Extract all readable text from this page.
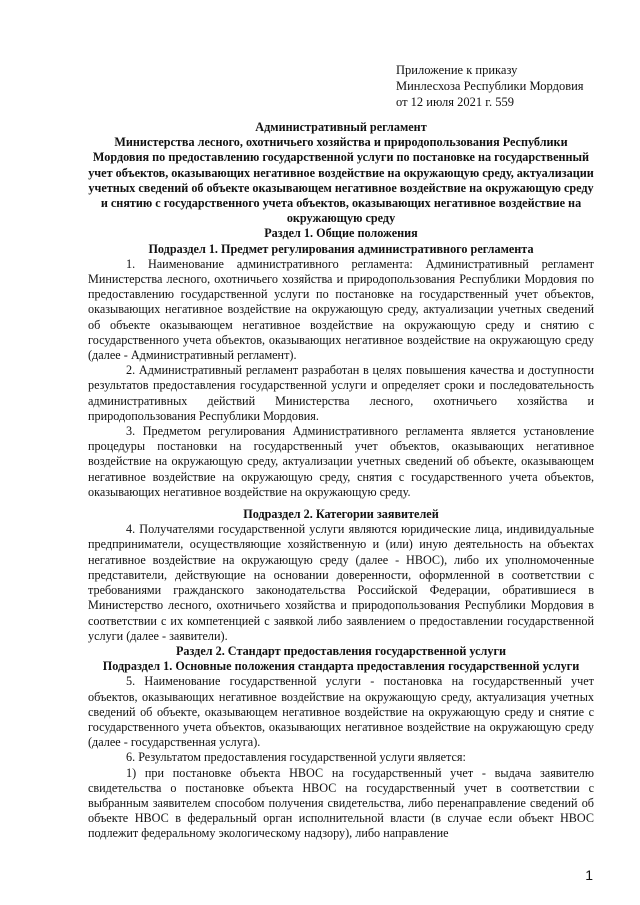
Приложение к приказу
Минлесхоза Республики Мордовия
от 12 июля 2021 г. 559

Административный регламент

Министерства лесного, охотничьего хозяйства и природопользования Республики Мордовия по предоставлению государственной услуги по постановке на государственный учет объектов, оказывающих негативное воздействие на окружающую среду, актуализации учетных сведений об объекте оказывающем негативное воздействие на окружающую среду и снятию с государственного учета объектов, оказывающих негативное воздействие на окружающую среду

Раздел 1. Общие положения

Подраздел 1. Предмет регулирования административного регламента

1. Наименование административного регламента: Административный регламент Министерства лесного, охотничьего хозяйства и природопользования Республики Мордовия по предоставлению государственной услуги по постановке на государственный учет объектов, оказывающих негативное воздействие на окружающую среду, актуализации учетных сведений об объекте оказывающем негативное воздействие на окружающую среду и снятию с государственного учета объектов, оказывающих негативное воздействие на окружающую среду (далее - Административный регламент).

2. Административный регламент разработан в целях повышения качества и доступности результатов предоставления государственной услуги и определяет сроки и последовательность административных действий Министерства лесного, охотничьего хозяйства и природопользования Республики Мордовия.

3. Предметом регулирования Административного регламента является установление процедуры постановки на государственный учет объектов, оказывающих негативное воздействие на окружающую среду, актуализации учетных сведений об объекте, оказывающем негативное воздействие на окружающую среду, снятия с государственного учета объектов, оказывающих негативное воздействие на окружающую среду.

Подраздел 2. Категории заявителей

4. Получателями государственной услуги являются юридические лица, индивидуальные предприниматели, осуществляющие хозяйственную и (или) иную деятельность на объектах негативное воздействие на окружающую среду (далее - НВОС), либо их уполномоченные представители, действующие на основании доверенности, оформленной в соответствии с требованиями гражданского законодательства Российской Федерации, обратившиеся в Министерство лесного, охотничьего хозяйства и природопользования Республики Мордовия в соответствии с их компетенцией с заявкой либо заявлением о предоставлении государственной услуги (далее - заявители).

Раздел 2. Стандарт предоставления государственной услуги

Подраздел 1. Основные положения стандарта предоставления государственной услуги

5. Наименование государственной услуги - постановка на государственный учет объектов, оказывающих негативное воздействие на окружающую среду, актуализация учетных сведений об объекте, оказывающем негативное воздействие на окружающую среду и снятие с государственного учета объектов, оказывающих негативное воздействие на окружающую среду (далее - государственная услуга).

6. Результатом предоставления государственной услуги является:

1) при постановке объекта НВОС на государственный учет - выдача заявителю свидетельства о постановке объекта НВОС на государственный учет в соответствии с выбранным заявителем способом получения свидетельства, либо перенаправление сведений об объекте НВОС в федеральный орган исполнительной власти (в случае если объект НВОС подлежит федеральному экологическому надзору), либо направление

1
